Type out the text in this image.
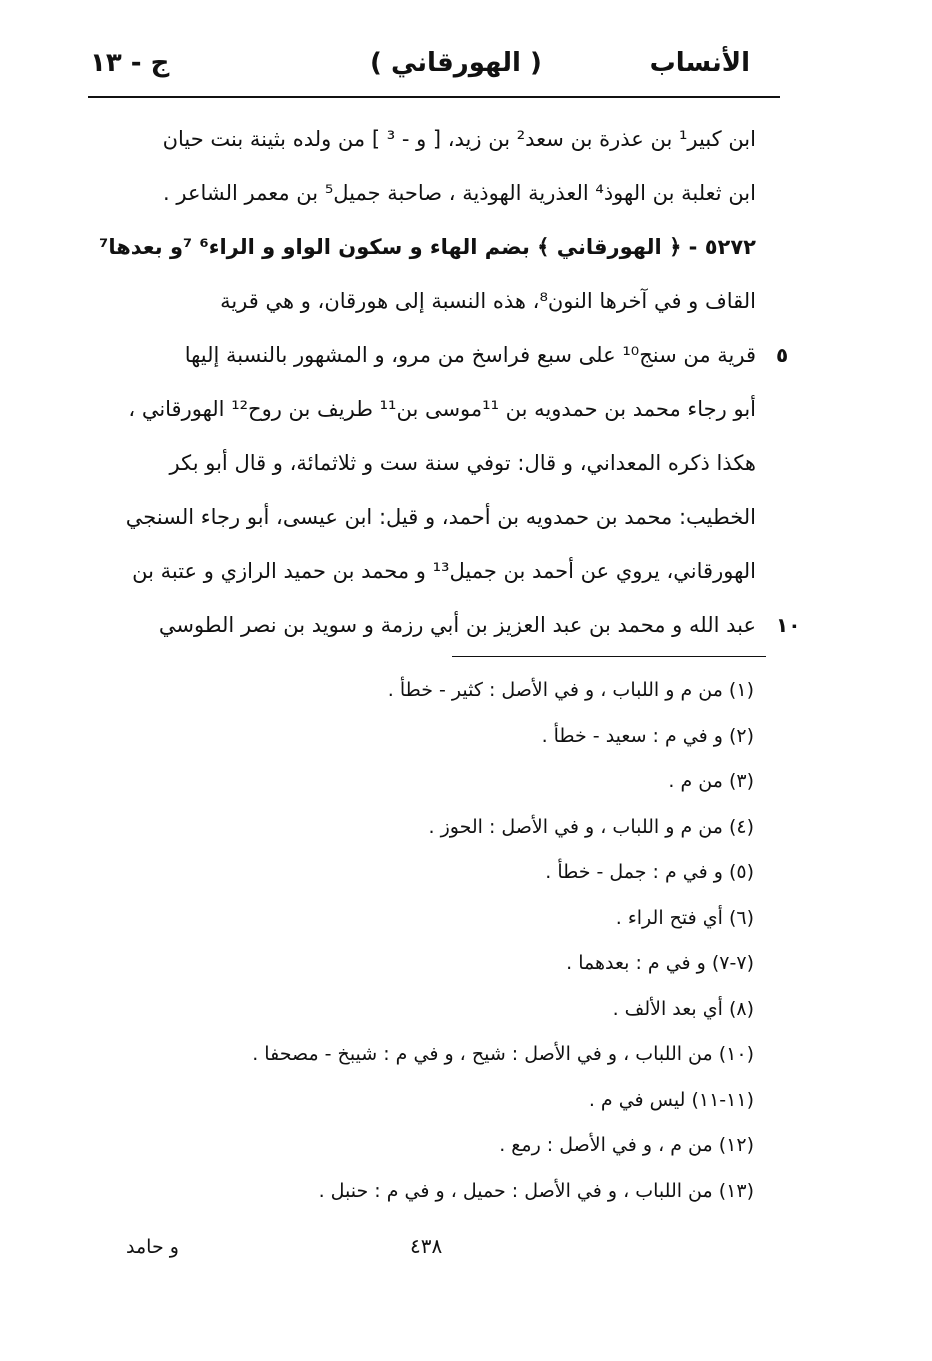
الأنساب
( الهورقاني )
ج - ١٣
ابن كبير¹ بن عذرة بن سعد² بن زيد، [ و - ³ ] من ولده بثينة بنت حيان
ابن ثعلبة بن الهوذ⁴ العذرية الهوذية ، صاحبة جميل⁵ بن معمر الشاعر .
٥٢٧٢ - ﴿ الهورقاني ﴾ بضم الهاء و سكون الواو و الراء⁶ ⁷و بعدها⁷
القاف و في آخرها النون⁸، هذه النسبة إلى هورقان، و هي قرية
قرية من سنج¹⁰ على سبع فراسخ من مرو، و المشهور بالنسبة إليها
أبو رجاء محمد بن حمدويه بن ¹¹موسى بن¹¹ طريف بن روح¹² الهورقاني ،
هكذا ذكره المعداني، و قال: توفي سنة ست و ثلاثمائة، و قال أبو بكر
الخطيب: محمد بن حمدويه بن أحمد، و قيل: ابن عيسى، أبو رجاء السنجي
الهورقاني، يروي عن أحمد بن جميل¹³ و محمد بن حميد الرازي و عتبة بن
عبد الله و محمد بن عبد العزيز بن أبي رزمة و سويد بن نصر الطوسي
٥
١٠
(١) من م و اللباب ، و في الأصل : كثير - خطأ .
(٢) و في م : سعيد - خطأ .
(٣) من م .
(٤) من م و اللباب ، و في الأصل : الحوز .
(٥) و في م : جمل - خطأ .
(٦) أي فتح الراء .
(٧-٧) و في م : بعدهما .
(٨) أي بعد الألف .
(١٠) من اللباب ، و في الأصل : شيح ، و في م : شيبخ - مصحفا .
(١١-١١) ليس في م .
(١٢) من م ، و في الأصل : رمع .
(١٣) من اللباب ، و في الأصل : حميل ، و في م : حنبل .
٤٣٨
و حامد
